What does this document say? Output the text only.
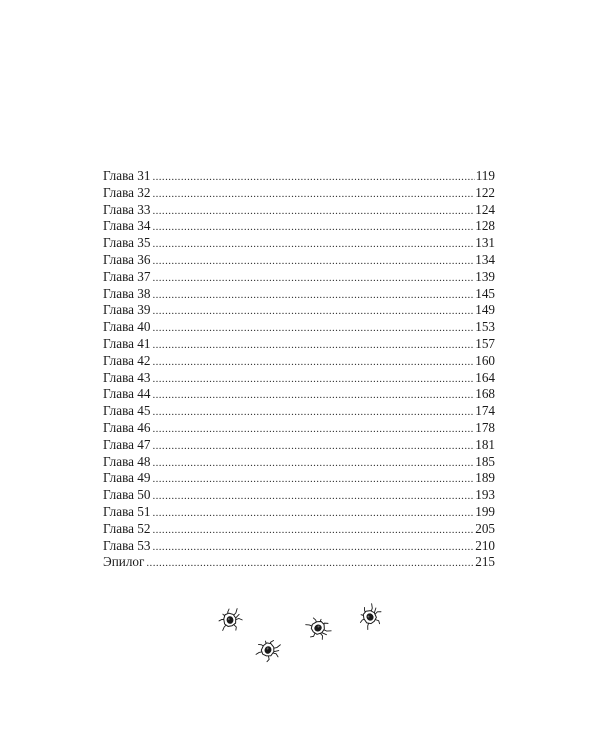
Глава 31 .....	119
Глава 32 .....	122
Глава 33 .....	124
Глава 34 .....	128
Глава 35 .....	131
Глава 36 .....	134
Глава 37 .....	139
Глава 38 .....	145
Глава 39 .....	149
Глава 40 .....	153
Глава 41 .....	157
Глава 42 .....	160
Глава 43 .....	164
Глава 44 .....	168
Глава 45 .....	174
Глава 46 .....	178
Глава 47 .....	181
Глава 48 .....	185
Глава 49 .....	189
Глава 50 .....	193
Глава 51 .....	199
Глава 52 .....	205
Глава 53 .....	210
Эпилог .....	215
